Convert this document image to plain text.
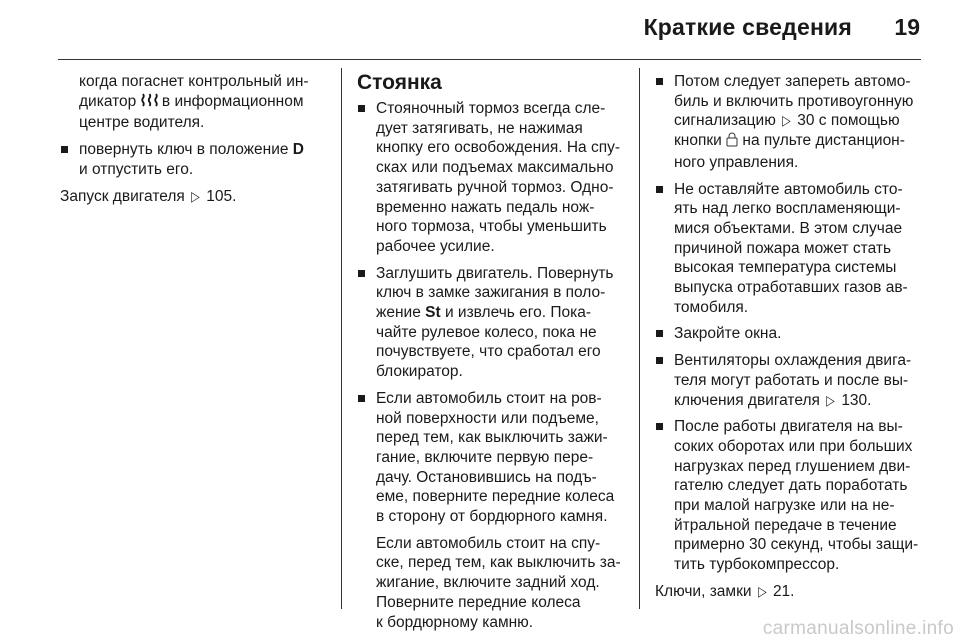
Краткие сведения 19
когда погаснет контрольный ин-
дикатор в информационном
центре водителя.
повернуть ключ в положение D
и отпустить его.

Запуск двигателя ▷ 105.

Стоянка
Стояночный тормоз всегда сле-
дует затягивать, не нажимая
кнопку его освобождения. На спу-
сках или подъемах максимально
затягивать ручной тормоз. Одно-
временно нажать педаль нож-
ного тормоза, чтобы уменьшить
рабочее усилие.
Заглушить двигатель. Повернуть
ключ в замке зажигания в поло-
жение St и извлечь его. Пока-
чайте рулевое колесо, пока не
почувствуете, что сработал его
блокиратор.
Если автомобиль стоит на ров-
ной поверхности или подъеме,
перед тем, как выключить зажи-
гание, включите первую пере-
дачу. Остановившись на подъ-
еме, поверните передние колеса
в сторону от бордюрного камня.
Если автомобиль стоит на спу-
ске, перед тем, как выключить за-
жигание, включите задний ход.
Поверните передние колеса
к бордюрному камню.
Потом следует запереть автомо-
биль и включить противоугонную
сигнализацию ▷ 30 с помощью
кнопки на пульте дистанцион-
ного управления.
Не оставляйте автомобиль сто-
ять над легко воспламеняющи-
мися объектами. В этом случае
причиной пожара может стать
высокая температура системы
выпуска отработавших газов ав-
томобиля.
Закройте окна.
Вентиляторы охлаждения двига-
теля могут работать и после вы-
ключения двигателя ▷ 130.
После работы двигателя на вы-
соких оборотах или при больших
нагрузках перед глушением дви-
гателю следует дать поработать
при малой нагрузке или на не-
йтральной передаче в течение
примерно 30 секунд, чтобы защи-
тить турбокомпрессор.

Ключи, замки ▷ 21.

carmanualsonline.info
